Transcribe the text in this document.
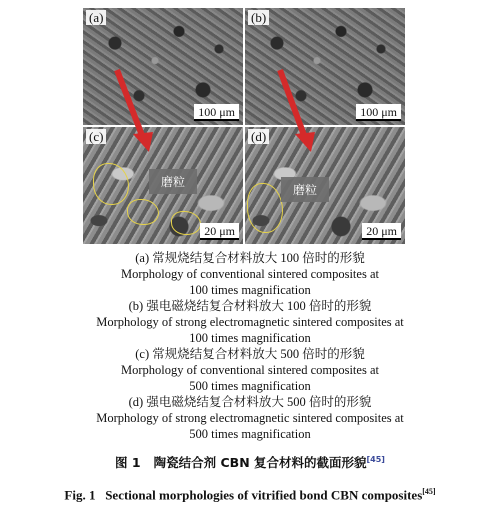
(a)
100 μm
(b)
100 μm
(c)
磨粒
20 μm
(d)
磨粒
20 μm
(a) 常规烧结复合材料放大 100 倍时的形貌
Morphology of conventional sintered composites at
100 times magnification
(b) 强电磁烧结复合材料放大 100 倍时的形貌
Morphology of strong electromagnetic sintered composites at
100 times magnification
(c) 常规烧结复合材料放大 500 倍时的形貌
Morphology of conventional sintered composites at
500 times magnification
(d) 强电磁烧结复合材料放大 500 倍时的形貌
Morphology of strong electromagnetic sintered composites at
500 times magnification
图 1 陶瓷结合剂 CBN 复合材料的截面形貌[45]
Fig. 1 Sectional morphologies of vitrified bond CBN composites[45]
